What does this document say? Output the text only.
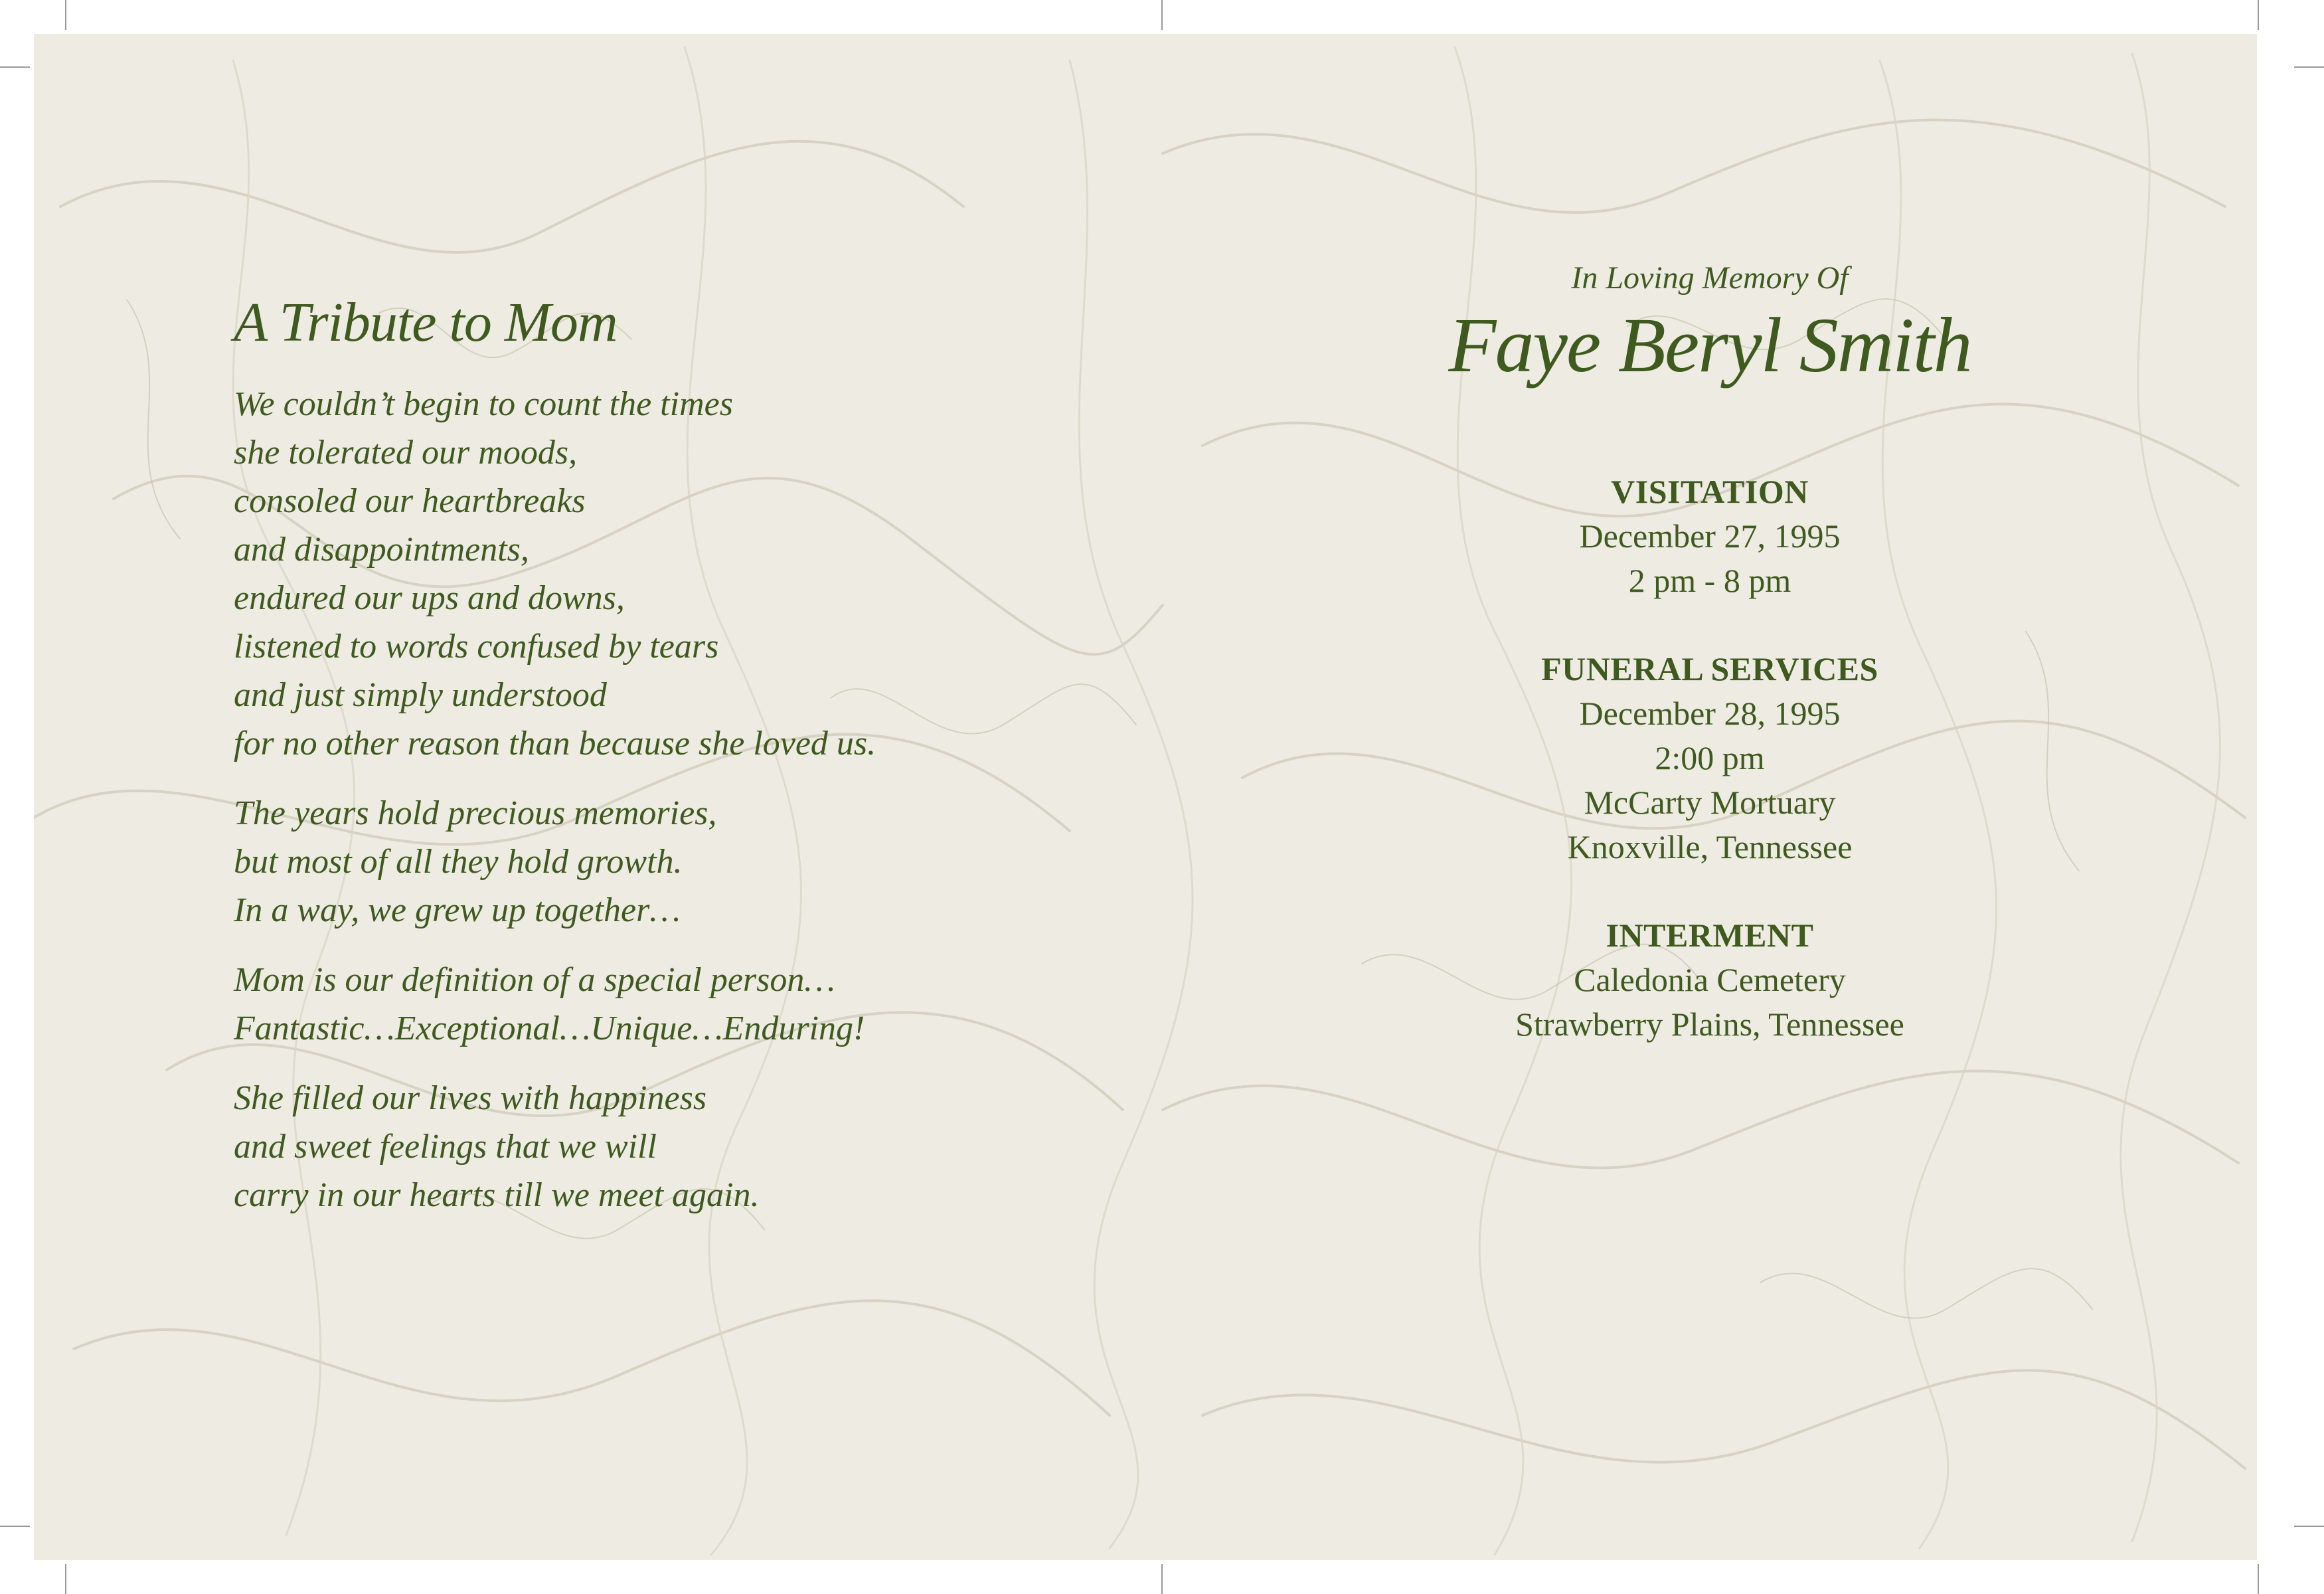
A Tribute to Mom
We couldn’t begin to count the times
she tolerated our moods,
consoled our heartbreaks
and disappointments,
endured our ups and downs,
listened to words confused by tears
and just simply understood
for no other reason than because she loved us.
The years hold precious memories,
but most of all they hold growth.
In a way, we grew up together…
Mom is our definition of a special person…
Fantastic…Exceptional…Unique…Enduring!
She filled our lives with happiness
and sweet feelings that we will
carry in our hearts till we meet again.
In Loving Memory Of
Faye Beryl Smith
VISITATION
December 27, 1995
2 pm - 8 pm
FUNERAL SERVICES
December 28, 1995
2:00 pm
McCarty Mortuary
Knoxville, Tennessee
INTERMENT
Caledonia Cemetery
Strawberry Plains, Tennessee
